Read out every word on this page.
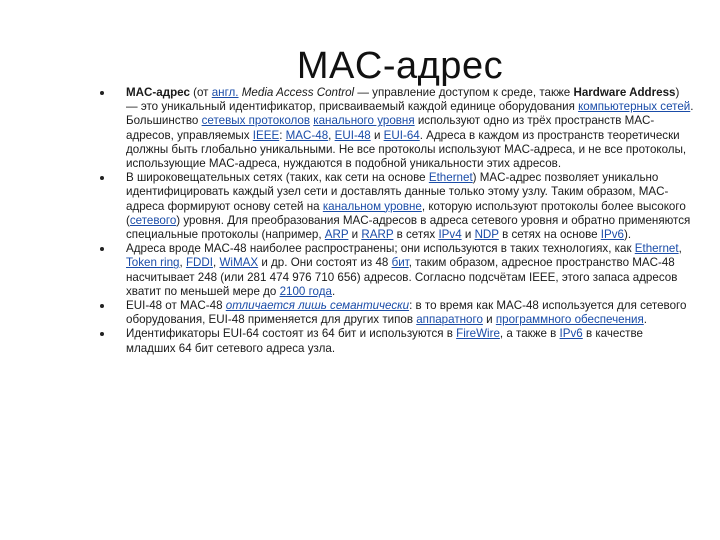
MAC-адрес
MAC-адрес (от англ. Media Access Control — управление доступом к среде, также Hardware Address) — это уникальный идентификатор, присваиваемый каждой единице оборудования компьютерных сетей. Большинство сетевых протоколов канального уровня используют одно из трёх пространств MAC-адресов, управляемых IEEE: MAC-48, EUI-48 и EUI-64. Адреса в каждом из пространств теоретически должны быть глобально уникальными. Не все протоколы используют MAC-адреса, и не все протоколы, использующие MAC-адреса, нуждаются в подобной уникальности этих адресов.
В широковещательных сетях (таких, как сети на основе Ethernet) MAC-адрес позволяет уникально идентифицировать каждый узел сети и доставлять данные только этому узлу. Таким образом, MAC-адреса формируют основу сетей на канальном уровне, которую используют протоколы более высокого (сетевого) уровня. Для преобразования MAC-адресов в адреса сетевого уровня и обратно применяются специальные протоколы (например, ARP и RARP в сетях IPv4 и NDP в сетях на основе IPv6).
Адреса вроде MAC-48 наиболее распространены; они используются в таких технологиях, как Ethernet, Token ring, FDDI, WiMAX и др. Они состоят из 48 бит, таким образом, адресное пространство MAC-48 насчитывает 248 (или 281 474 976 710 656) адресов. Согласно подсчётам IEEE, этого запаса адресов хватит по меньшей мере до 2100 года.
EUI-48 от MAC-48 отличается лишь семантически: в то время как MAC-48 используется для сетевого оборудования, EUI-48 применяется для других типов аппаратного и программного обеспечения.
Идентификаторы EUI-64 состоят из 64 бит и используются в FireWire, а также в IPv6 в качестве младших 64 бит сетевого адреса узла.
